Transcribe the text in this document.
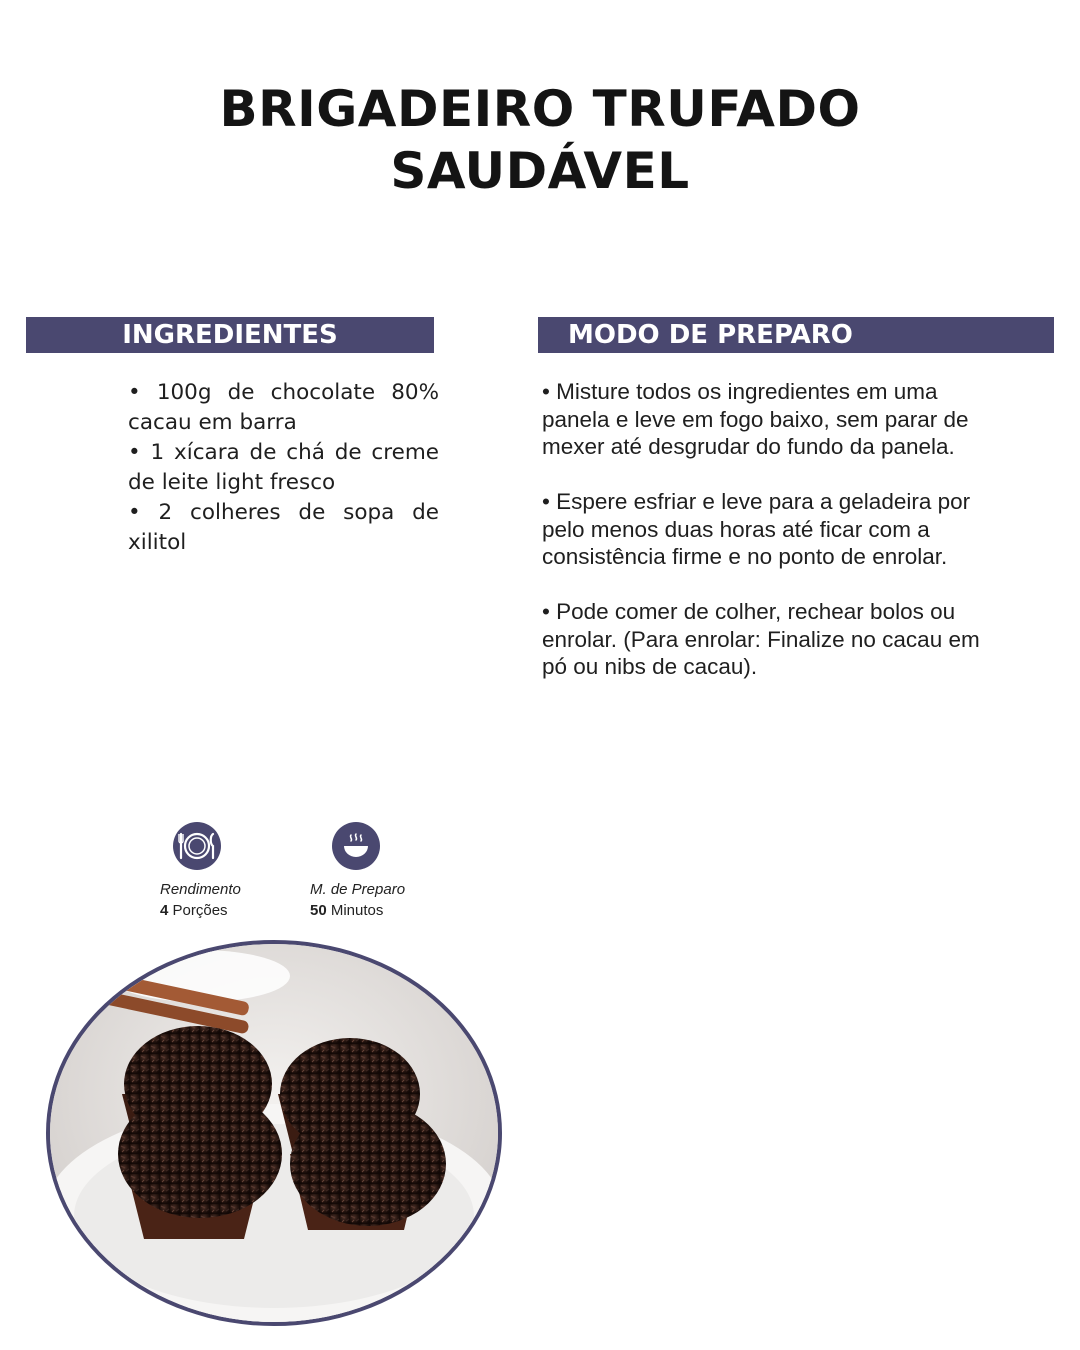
BRIGADEIRO TRUFADO
SAUDÁVEL
INGREDIENTES	MODO DE PREPARO

• 100g de chocolate 80% cacau em barra

• 1 xícara de chá de creme de leite light fresco

• 2 colheres de sopa de xilitol

• Misture todos os ingredientes em uma panela e leve em fogo baixo, sem parar de mexer até desgrudar do fundo da panela.

• Espere esfriar e leve para a geladeira por pelo menos duas horas até ficar com a consistência firme e no ponto de enrolar.

• Pode comer de colher, rechear bolos ou enrolar. (Para enrolar: Finalize no cacau em pó ou nibs de cacau).

Rendimento
4 Porções
M. de Preparo
50 Minutos
